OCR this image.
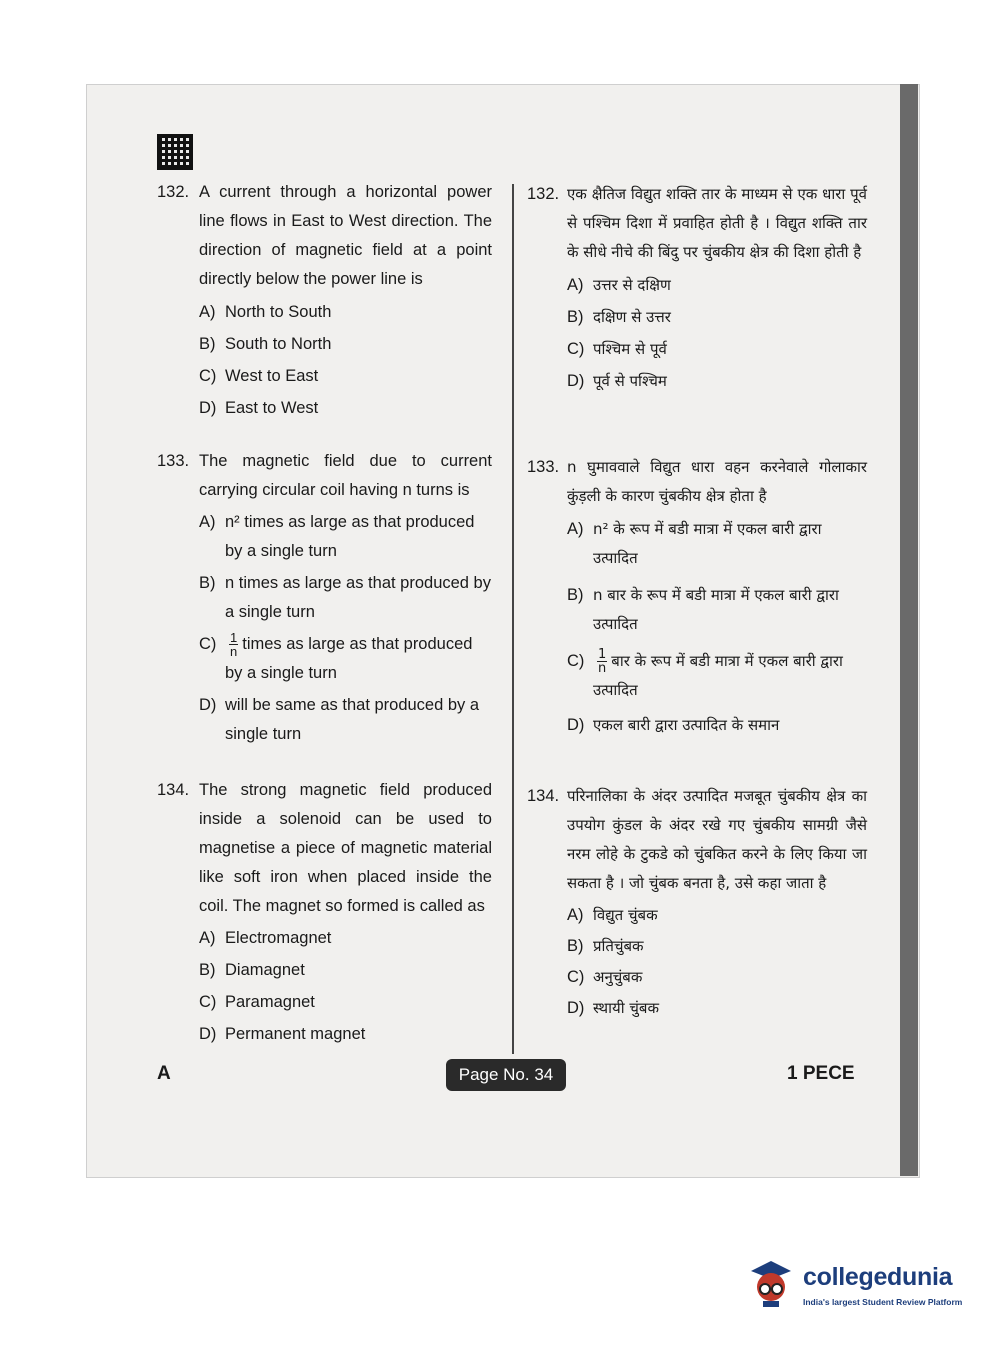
132. A current through a horizontal power line flows in East to West direction. The direction of magnetic field at a point directly below the power line is
A) North to South
B) South to North
C) West to East
D) East to West
133. The magnetic field due to current carrying circular coil having n turns is
A) n² times as large as that produced by a single turn
B) n times as large as that produced by a single turn
$C) \frac{1}{n}$ times as large as that produced by a single turn
D) will be same as that produced by a single turn
134. The strong magnetic field produced inside a solenoid can be used to magnetise a piece of magnetic material like soft iron when placed inside the coil. The magnet so formed is called as
A) Electromagnet
B) Diamagnet
C) Paramagnet
D) Permanent magnet
132. एक क्षैतिज विद्युत शक्ति तार के माध्यम से एक धारा पूर्व से पश्चिम दिशा में प्रवाहित होती है । विद्युत शक्ति तार के सीधे नीचे की बिंदु पर चुंबकीय क्षेत्र की दिशा होती है
A) उत्तर से दक्षिण
B) दक्षिण से उत्तर
C) पश्चिम से पूर्व
D) पूर्व से पश्चिम
133. n घुमाववाले विद्युत धारा वहन करनेवाले गोलाकार कुंड़ली के कारण चुंबकीय क्षेत्र होता है
A) n² के रूप में बडी मात्रा में एकल बारी द्वारा उत्पादित
B) n बार के रूप में बडी मात्रा में एकल बारी द्वारा उत्पादित
$C) \frac{1}{n}$ बार के रूप में बडी मात्रा में एकल बारी द्वारा उत्पादित
D) एकल बारी द्वारा उत्पादित के समान
134. परिनालिका के अंदर उत्पादित मजबूत चुंबकीय क्षेत्र का उपयोग कुंडल के अंदर रखे गए चुंबकीय सामग्री जैसे नरम लोहे के टुकडे को चुंबकित करने के लिए किया जा सकता है । जो चुंबक बनता है, उसे कहा जाता है
A) विद्युत चुंबक
B) प्रतिचुंबक
C) अनुचुंबक
D) स्थायी चुंबक
A	Page No. 34	1 PECE
collegedunia
India's largest Student Review Platform
